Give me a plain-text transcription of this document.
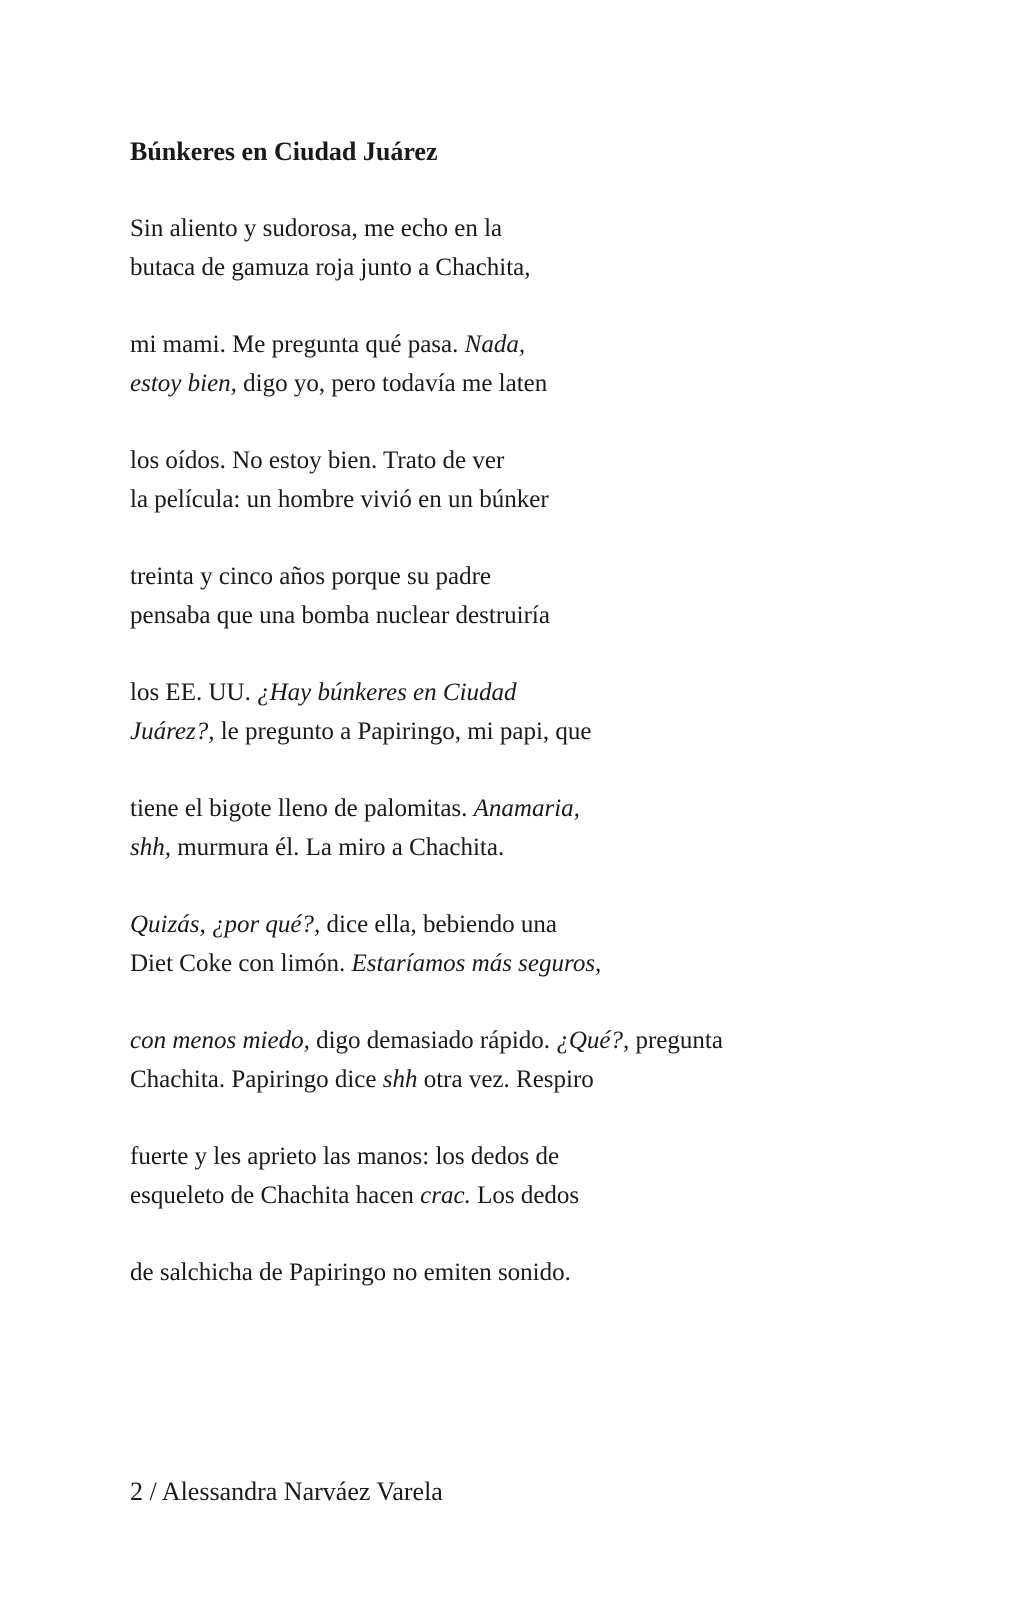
Búnkeres en Ciudad Juárez
Sin aliento y sudorosa, me echo en la
butaca de gamuza roja junto a Chachita,
mi mami. Me pregunta qué pasa. Nada,
estoy bien, digo yo, pero todavía me laten
los oídos. No estoy bien. Trato de ver
la película: un hombre vivió en un búnker
treinta y cinco años porque su padre
pensaba que una bomba nuclear destruiría
los EE. UU. ¿Hay búnkeres en Ciudad
Juárez?, le pregunto a Papiringo, mi papi, que
tiene el bigote lleno de palomitas. Anamaria,
shh, murmura él. La miro a Chachita.
Quizás, ¿por qué?, dice ella, bebiendo una
Diet Coke con limón. Estaríamos más seguros,
con menos miedo, digo demasiado rápido. ¿Qué?, pregunta
Chachita. Papiringo dice shh otra vez. Respiro
fuerte y les aprieto las manos: los dedos de
esqueleto de Chachita hacen crac. Los dedos
de salchicha de Papiringo no emiten sonido.
2 / Alessandra Narváez Varela
